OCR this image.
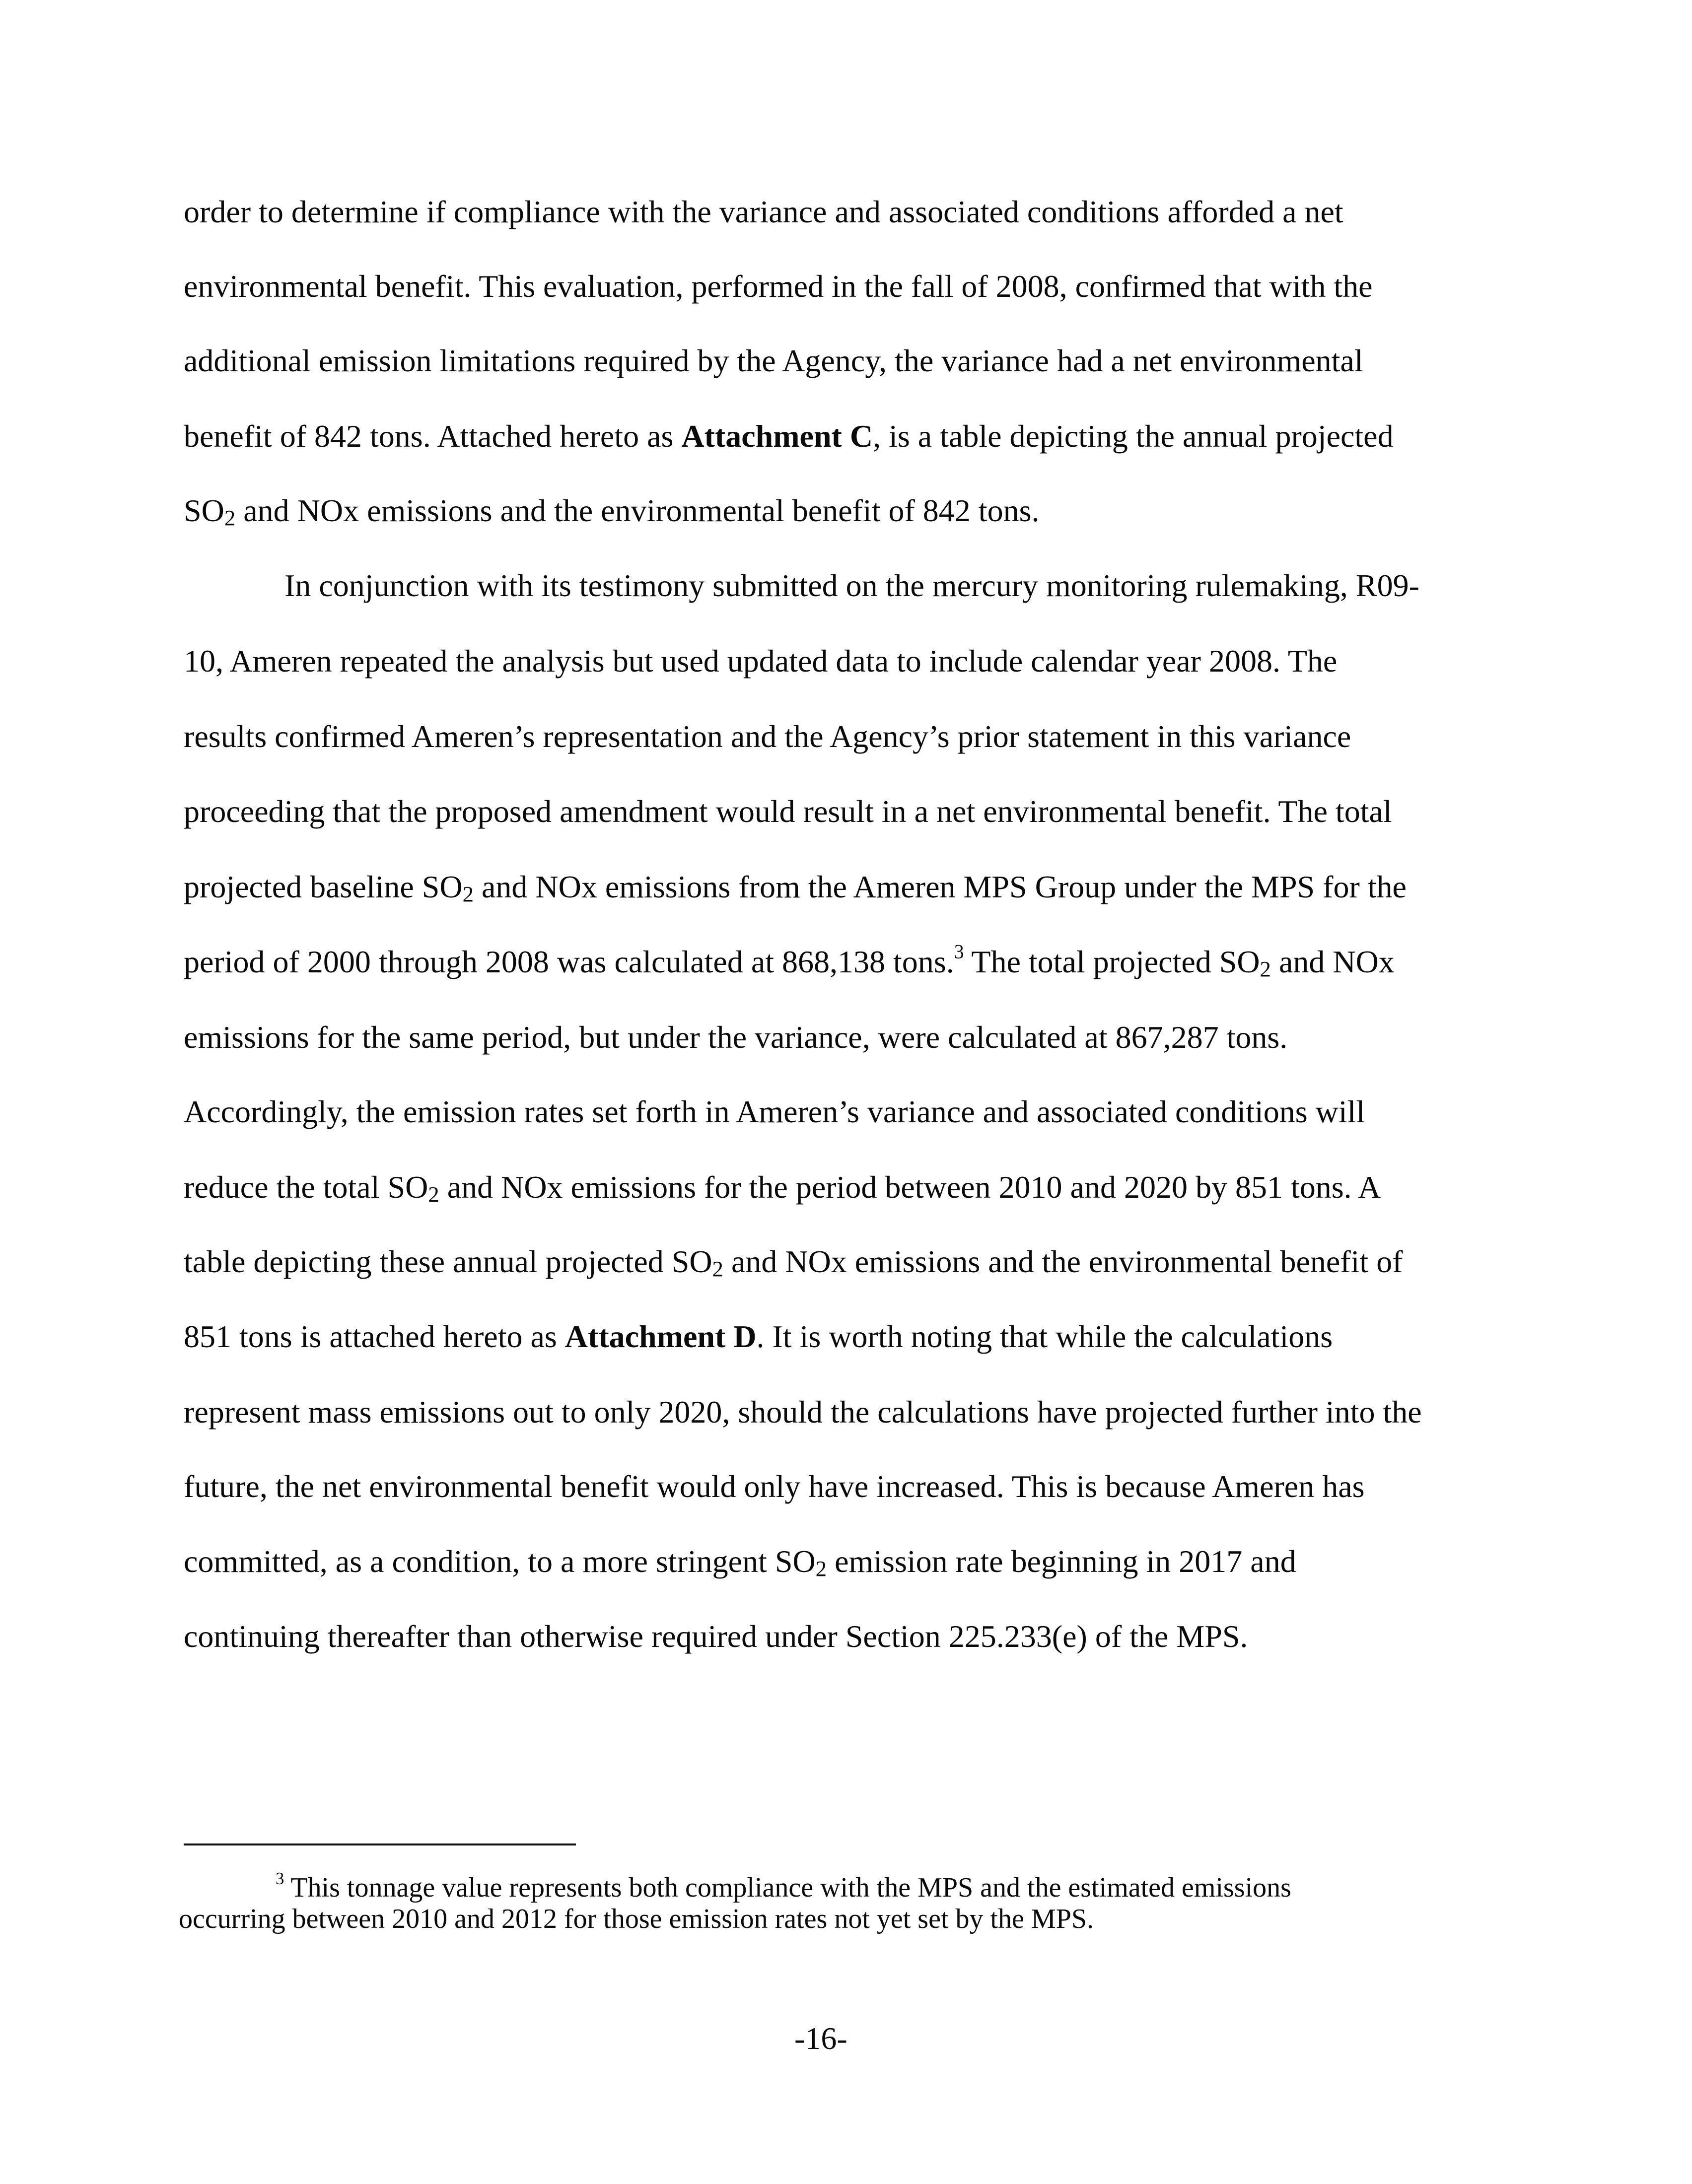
order to determine if compliance with the variance and associated conditions afforded a net
environmental benefit. This evaluation, performed in the fall of 2008, confirmed that with the
additional emission limitations required by the Agency, the variance had a net environmental
benefit of 842 tons. Attached hereto as Attachment C, is a table depicting the annual projected
$SO_2$ and NOx emissions and the environmental benefit of 842 tons.
In conjunction with its testimony submitted on the mercury monitoring rulemaking, R09-
10, Ameren repeated the analysis but used updated data to include calendar year 2008. The
results confirmed Ameren’s representation and the Agency’s prior statement in this variance
proceeding that the proposed amendment would result in a net environmental benefit. The total
projected baseline $SO_2$ and NOx emissions from the Ameren MPS Group under the MPS for the
period of 2000 through 2008 was calculated at 868,138 tons.$^3$ The total projected $SO_2$ and NOx
emissions for the same period, but under the variance, were calculated at 867,287 tons.
Accordingly, the emission rates set forth in Ameren’s variance and associated conditions will
reduce the total $SO_2$ and NOx emissions for the period between 2010 and 2020 by 851 tons. A
table depicting these annual projected $SO_2$ and NOx emissions and the environmental benefit of
851 tons is attached hereto as Attachment D. It is worth noting that while the calculations
represent mass emissions out to only 2020, should the calculations have projected further into the
future, the net environmental benefit would only have increased. This is because Ameren has
committed, as a condition, to a more stringent $SO_2$ emission rate beginning in 2017 and
continuing thereafter than otherwise required under Section 225.233(e) of the MPS.
$^3$ This tonnage value represents both compliance with the MPS and the estimated emissions
occurring between 2010 and 2012 for those emission rates not yet set by the MPS.
-16-
